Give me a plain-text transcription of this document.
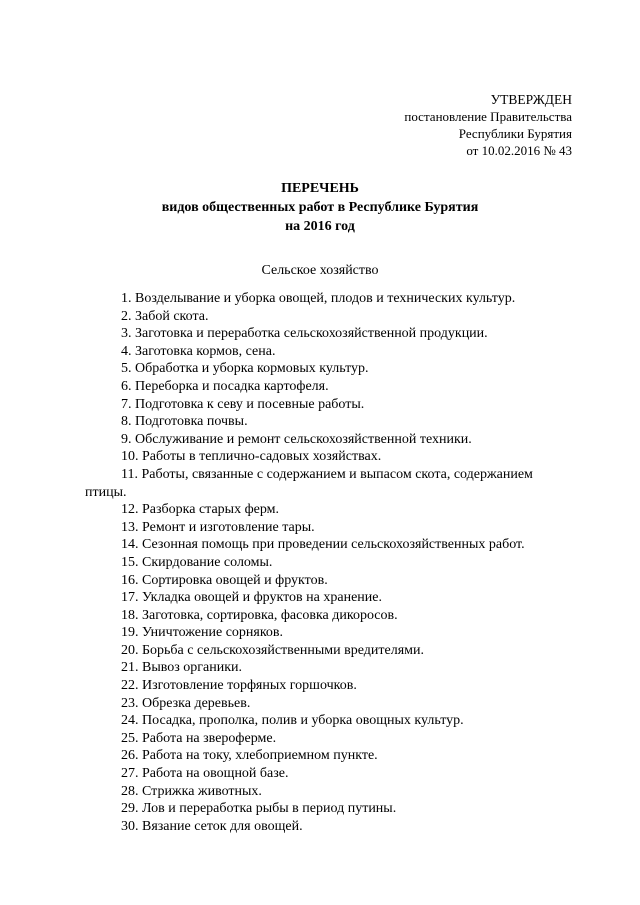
УТВЕРЖДЕН
постановление Правительства
Республики Бурятия
от 10.02.2016 № 43
ПЕРЕЧЕНЬ
видов общественных работ в Республике Бурятия
на 2016 год
Сельское хозяйство
1. Возделывание и уборка овощей, плодов и технических культур.
2. Забой скота.
3. Заготовка и переработка сельскохозяйственной продукции.
4. Заготовка кормов, сена.
5. Обработка и уборка кормовых культур.
6. Переборка и посадка картофеля.
7. Подготовка к севу и посевные работы.
8. Подготовка почвы.
9. Обслуживание и ремонт сельскохозяйственной техники.
10. Работы в теплично-садовых хозяйствах.
11. Работы, связанные с содержанием и выпасом скота, содержанием птицы.
12. Разборка старых ферм.
13. Ремонт и изготовление тары.
14. Сезонная помощь при проведении сельскохозяйственных работ.
15. Скирдование соломы.
16. Сортировка овощей и фруктов.
17. Укладка овощей и фруктов на хранение.
18. Заготовка, сортировка, фасовка дикоросов.
19. Уничтожение сорняков.
20. Борьба с сельскохозяйственными вредителями.
21. Вывоз органики.
22. Изготовление торфяных горшочков.
23. Обрезка деревьев.
24. Посадка, прополка, полив и уборка овощных культур.
25. Работа на звероферме.
26. Работа на току, хлебоприемном пункте.
27. Работа на овощной базе.
28. Стрижка животных.
29. Лов и переработка рыбы в период путины.
30. Вязание сеток для овощей.
